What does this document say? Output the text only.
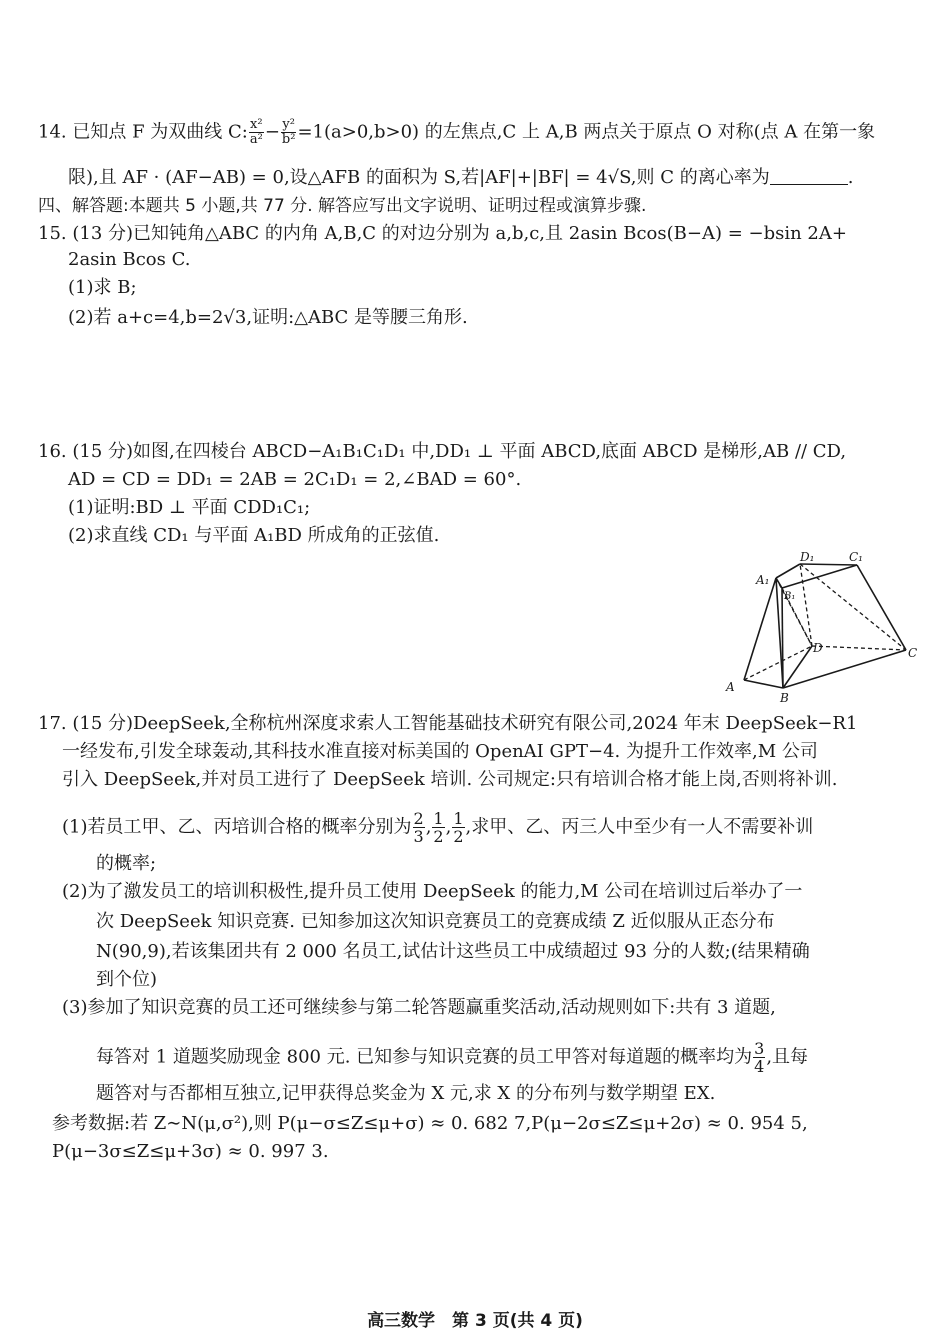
14. 已知点 F 为双曲线 C: $\frac{\text{x²}}{\text{a²}} - \frac{\text{y²}}{\text{b²}} =1(a>0,b>0)$ 的左焦点,C 上 A,B 两点关于原点 O 对称(点 A 在第一象
限),且 AF · (AF−AB) = 0,设△AFB 的面积为 S,若|AF|+|BF| = 4√S,则 C 的离心率为	.
四、解答题:本题共 5 小题,共 77 分. 解答应写出文字说明、证明过程或演算步骤.
15. (13 分)已知钝角△ABC 的内角 A,B,C 的对边分别为 a,b,c,且 2asin Bcos(B−A) = −bsin 2A+
2asin Bcos C.
(1)求 B;
(2)若 a+c=4,b=2√3,证明:△ABC 是等腰三角形.
16. (15 分)如图,在四棱台 ABCD−A₁B₁C₁D₁ 中,DD₁ ⊥ 平面 ABCD,底面 ABCD 是梯形,AB // CD,
AD = CD = DD₁ = 2AB = 2C₁D₁ = 2,∠BAD = 60°.
(1)证明:BD ⊥ 平面 CDD₁C₁;
(2)求直线 CD₁ 与平面 A₁BD 所成角的正弦值.
A₁
B₁
D₁	C₁
A
B
C
D
17. (15 分)DeepSeek,全称杭州深度求索人工智能基础技术研究有限公司,2024 年末 DeepSeek−R1
一经发布,引发全球轰动,其科技水准直接对标美国的 OpenAI GPT−4. 为提升工作效率,M 公司
引入 DeepSeek,并对员工进行了 DeepSeek 培训. 公司规定:只有培训合格才能上岗,否则将补训.
(1)若员工甲、乙、丙培训合格的概率分别为 $\frac{2}{3}$ , $\frac{1}{2}$ , $\frac{1}{2}$ ,求甲、乙、丙三人中至少有一人不需要补训
的概率;
(2)为了激发员工的培训积极性,提升员工使用 DeepSeek 的能力,M 公司在培训过后举办了一
次 DeepSeek 知识竞赛. 已知参加这次知识竞赛员工的竞赛成绩 Z 近似服从正态分布
N(90,9),若该集团共有 2 000 名员工,试估计这些员工中成绩超过 93 分的人数;(结果精确
到个位)
(3)参加了知识竞赛的员工还可继续参与第二轮答题赢重奖活动,活动规则如下:共有 3 道题,
每答对 1 道题奖励现金 800 元. 已知参与知识竞赛的员工甲答对每道题的概率均为 $\frac{3}{4}$ ,且每
题答对与否都相互独立,记甲获得总奖金为 X 元,求 X 的分布列与数学期望 EX.
参考数据:若 Z∼N(μ,σ²),则 P(μ−σ≤Z≤μ+σ) ≈ 0. 682 7,P(μ−2σ≤Z≤μ+2σ) ≈ 0. 954 5,
P(μ−3σ≤Z≤μ+3σ) ≈ 0. 997 3.
高三数学　第 3 页(共 4 页)
